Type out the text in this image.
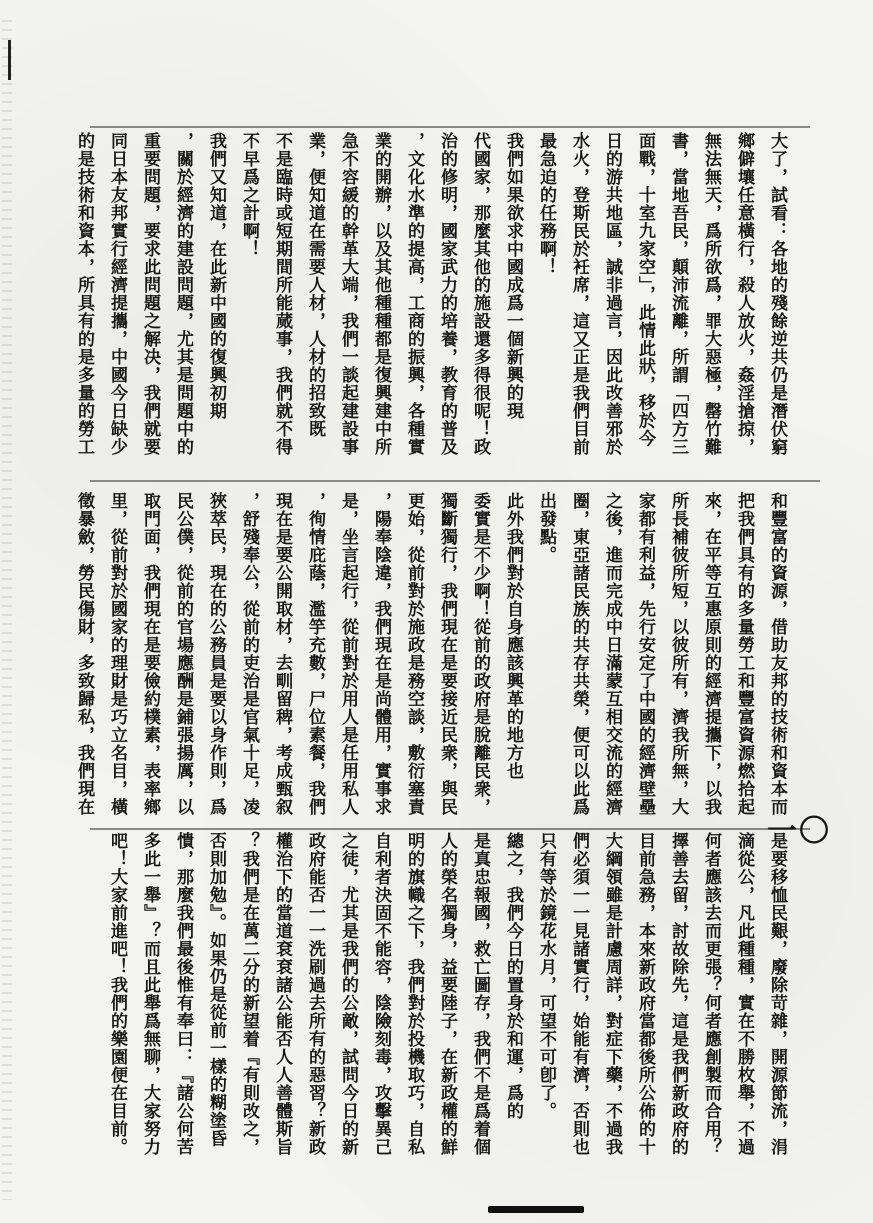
大了，試看：各地的殘餘逆共仍是潛伏窮
鄉僻壤任意橫行，殺人放火，姦淫搶掠，
無法無天，爲所欲爲，罪大惡極，罄竹難
書，當地吾民，顛沛流離，所謂「四方三
面戰，十室九家空」，此情此狀，移於今
日的游共地區，誠非過言，因此改善邪於
水火，登斯民於衽席，這又正是我們目前
最急迫的任務啊！
我們如果欲求中國成爲一個新興的現
代國家，那麼其他的施設還多得很呢！政
治的修明，國家武力的培養，教育的普及
，文化水準的提高，工商的振興，各種實
業的開辦，以及其他種種都是復興建中所
急不容緩的幹革大端，我們一談起建設事
業，便知道在需要人材，人材的招致既
不是臨時或短期間所能蒇事，我們就不得
不早爲之計啊！
我們又知道，在此新中國的復興初期
，關於經濟的建設問題，尤其是問題中的
重要問題，要求此問題之解决，我們就要
同日本友邦實行經濟提攜，中國今日缺少
的是技術和資本，所具有的是多量的勞工
和豐富的資源，借助友邦的技術和資本而
把我們具有的多量勞工和豐富資源燃拾起
來，在平等互惠原則的經濟提攜下，以我
所長補彼所短，以彼所有，濟我所無，大
家都有利益，先行安定了中國的經濟壁壘
之後，進而完成中日滿蒙互相交流的經濟
圈，東亞諸民族的共存共榮，便可以此爲
出發點。
此外我們對於自身應該興革的地方也
委實是不少啊！從前的政府是脫離民衆，
獨斷獨行，我們現在是要接近民衆，與民
更始，從前對於施政是務空談，敷衍塞責
，陽奉陰違，我們現在是尚體用，實事求
是，坐言起行，從前對於用人是任用私人
，徇情庇蔭，濫竽充數，尸位素餐，我們
現在是要公開取材，去甽留稗，考成甄叙
，舒殘奉公，從前的吏治是官氣十足，凌
狹萃民，現在的公務員是要以身作則，爲
民公僕，從前的官場應酬是鋪張揚厲，以
取門面，我們現在是要儉約樸素，表率鄉
里，從前對於國家的理財是巧立名目，橫
徵暴斂，勞民傷財，多致歸私，我們現在
是要移恤民艱，廢除苛雜，開源節流，涓
滴從公，凡此種種，實在不勝枚舉，不過
何者應該去而更張？何者應創製而合用？
擇善去留，討故除先，這是我們新政府的
目前急務，本來新政府當都後所公佈的十
大綱領雖是計慮周詳，對症下藥，不過我
們必須一一見諸實行，始能有濟，否則也
只有等於鏡花水月，可望不可卽了。
總之，我們今日的置身於和運，爲的
是真忠報國，救亡圖存，我們不是爲着個
人的榮名獨身，益要陸子，在新政權的鮮
明的旗幟之下，我們對於投機取巧，自私
自利者決固不能容，陰險刻毒，攻擊異己
之徒，尤其是我們的公敵，試問今日的新
政府能否一一洗刷過去所有的惡習？新政
權治下的當道袞袞諸公能否人人善體斯旨
？我們是在萬二分的新望着『有則改之，
否則加勉』。如果仍是從前一樣的糊塗昏
憒，那麼我們最後惟有奉曰：『諸公何苦
多此一舉』？而且此舉爲無聊，大家努力
吧！大家前進吧！我們的樂園便在目前。
一〇
